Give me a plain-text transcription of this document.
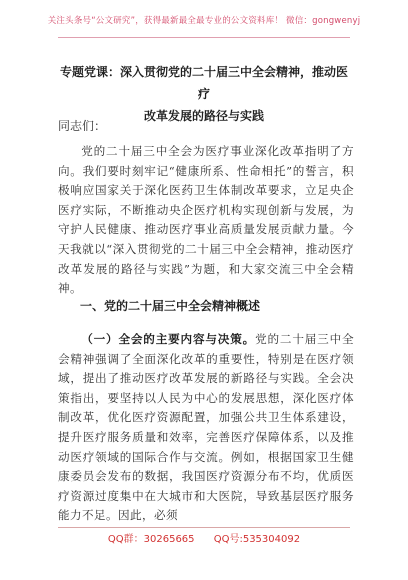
关注头条号“公文研究”，获得最新最全最专业的公文资料库！ 微信：gongwenyj
专题党课：深入贯彻党的二十届三中全会精神，推动医疗
改革发展的路径与实践
同志们：
党的二十届三中全会为医疗事业深化改革指明了方向。我们要时刻牢记“健康所系、性命相托”的誓言，积极响应国家关于深化医药卫生体制改革要求，立足央企医疗实际，不断推动央企医疗机构实现创新与发展，为守护人民健康、推动医疗事业高质量发展贡献力量。今天我就以“深入贯彻党的二十届三中全会精神，推动医疗改革发展的路径与实践”为题，和大家交流三中全会精神。
一、党的二十届三中全会精神概述
（一）全会的主要内容与决策。党的二十届三中全会精神强调了全面深化改革的重要性，特别是在医疗领域，提出了推动医疗改革发展的新路径与实践。全会决策指出，要坚持以人民为中心的发展思想，深化医疗体制改革，优化医疗资源配置，加强公共卫生体系建设，提升医疗服务质量和效率，完善医疗保障体系，以及推动医疗领域的国际合作与交流。例如，根据国家卫生健康委员会发布的数据，我国医疗资源分布不均，优质医疗资源过度集中在大城市和大医院，导致基层医疗服务能力不足。因此，必须
QQ群：30265665 QQ号:535304092
